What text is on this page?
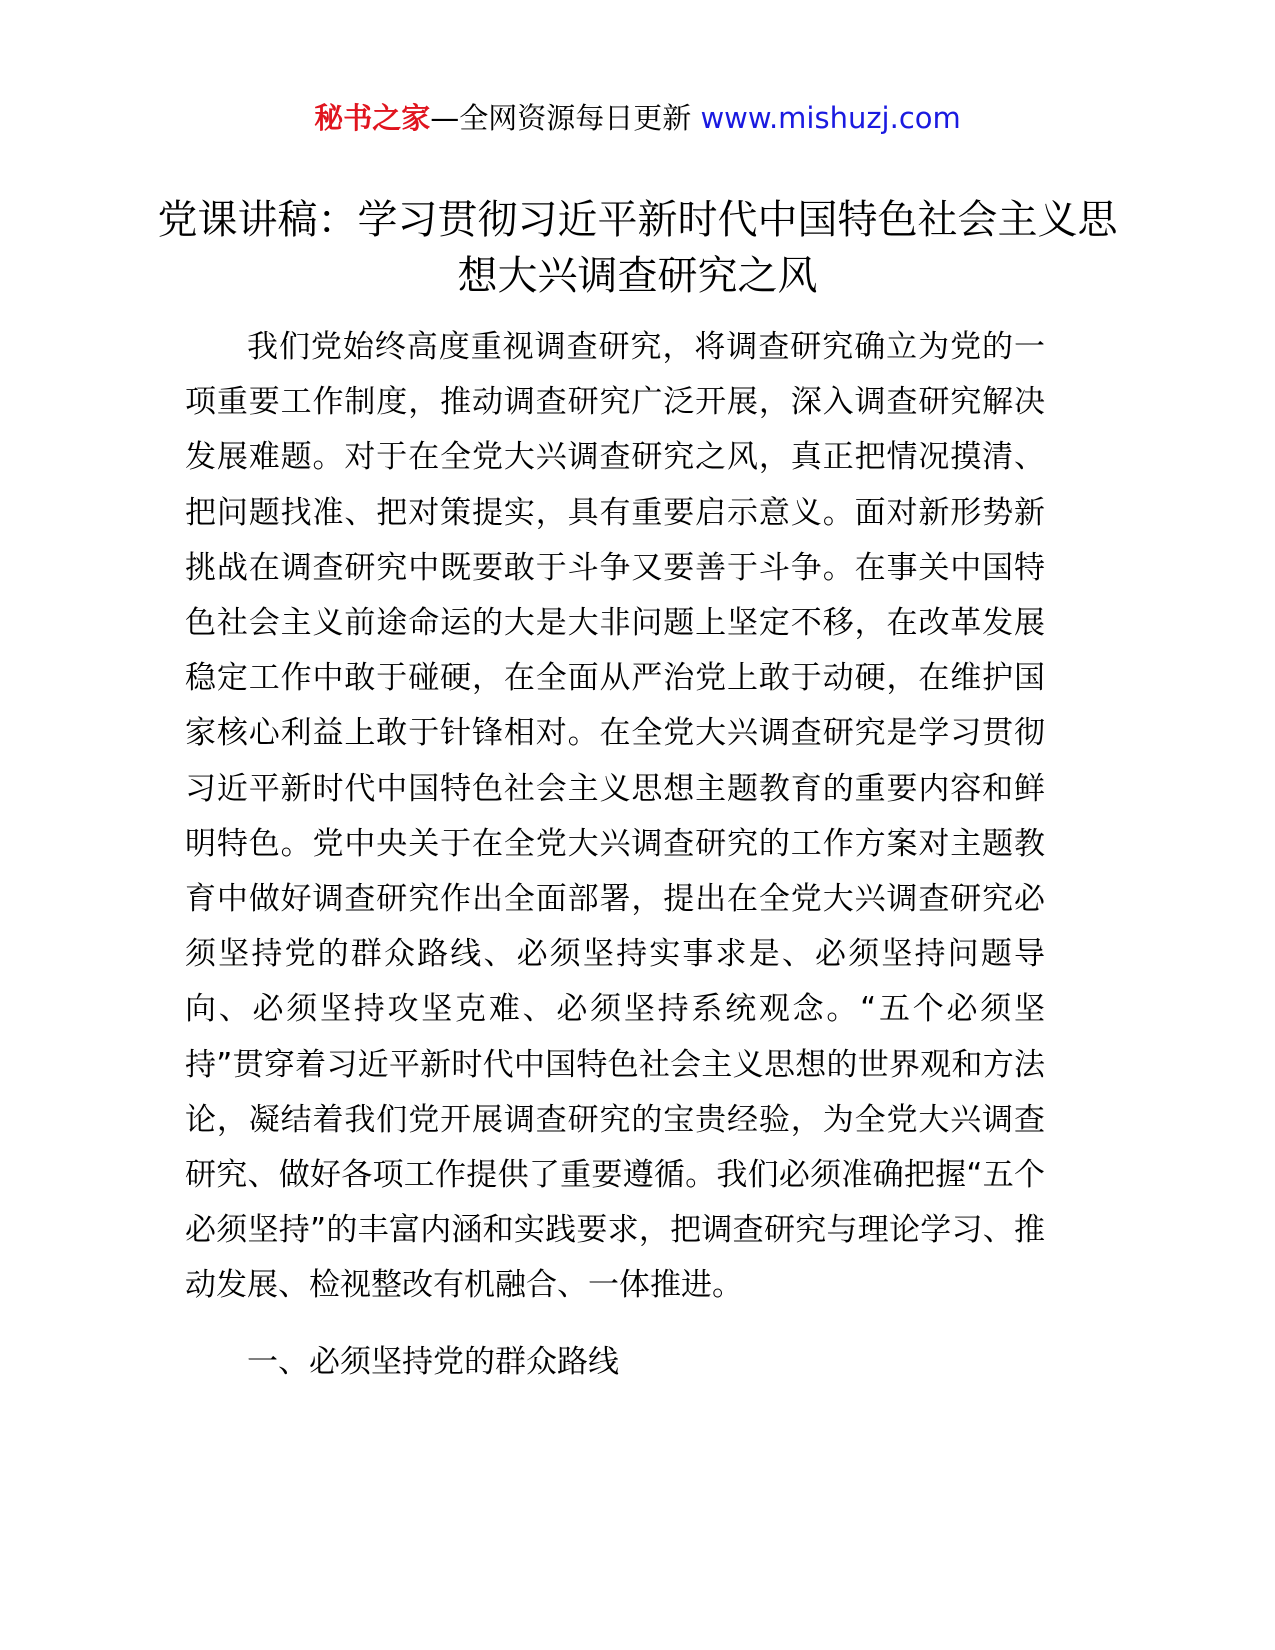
秘书之家—全网资源每日更新 www.mishuzj.com
党课讲稿：学习贯彻习近平新时代中国特色社会主义思想大兴调查研究之风

我们党始终高度重视调查研究，将调查研究确立为党的一项重要工作制度，推动调查研究广泛开展，深入调查研究解决发展难题。对于在全党大兴调查研究之风，真正把情况摸清、把问题找准、把对策提实，具有重要启示意义。面对新形势新挑战在调查研究中既要敢于斗争又要善于斗争。在事关中国特色社会主义前途命运的大是大非问题上坚定不移，在改革发展稳定工作中敢于碰硬，在全面从严治党上敢于动硬，在维护国家核心利益上敢于针锋相对。在全党大兴调查研究是学习贯彻习近平新时代中国特色社会主义思想主题教育的重要内容和鲜明特色。党中央关于在全党大兴调查研究的工作方案对主题教育中做好调查研究作出全面部署，提出在全党大兴调查研究必须坚持党的群众路线、必须坚持实事求是、必须坚持问题导向、必须坚持攻坚克难、必须坚持系统观念。“五个必须坚持”贯穿着习近平新时代中国特色社会主义思想的世界观和方法论，凝结着我们党开展调查研究的宝贵经验，为全党大兴调查研究、做好各项工作提供了重要遵循。我们必须准确把握“五个必须坚持”的丰富内涵和实践要求，把调查研究与理论学习、推动发展、检视整改有机融合、一体推进。

一、必须坚持党的群众路线
